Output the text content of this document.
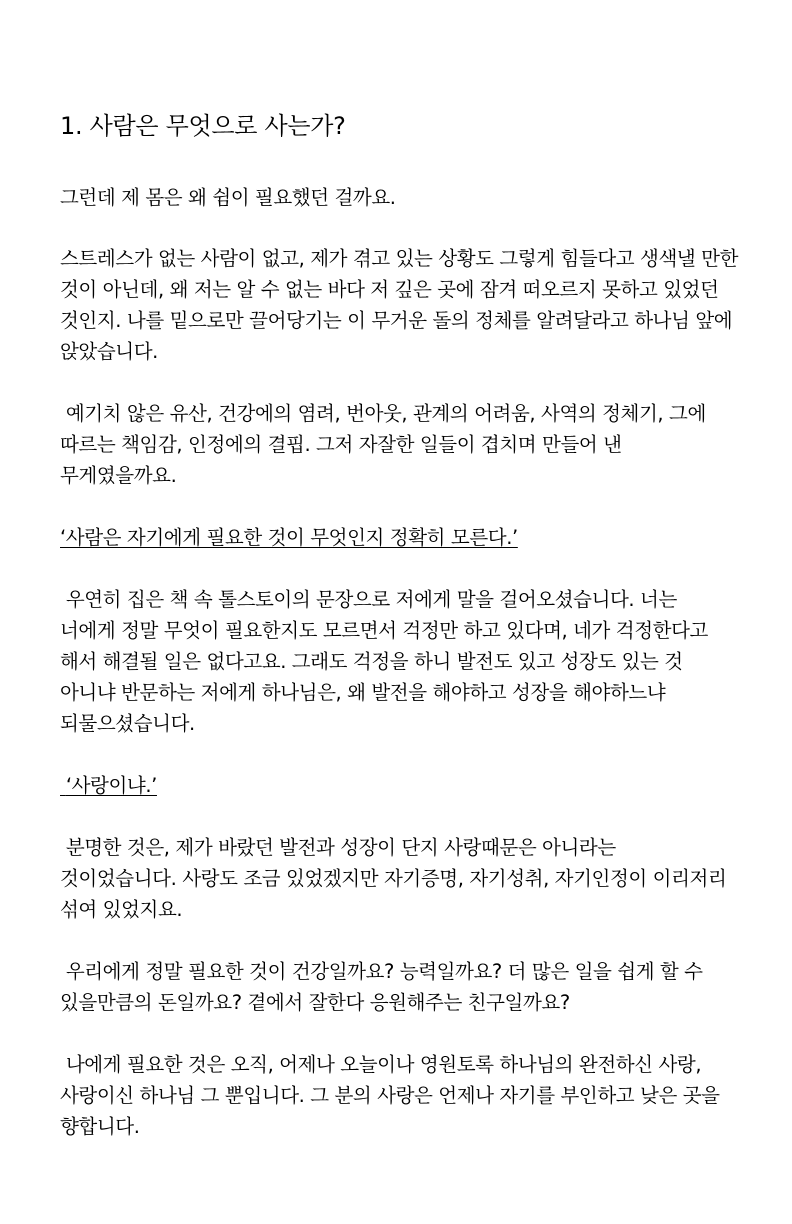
1. 사람은 무엇으로 사는가?

그런데 제 몸은 왜 쉼이 필요했던 걸까요.

스트레스가 없는 사람이 없고, 제가 겪고 있는 상황도 그렇게 힘들다고 생색낼 만한 것이 아닌데, 왜 저는 알 수 없는 바다 저 깊은 곳에 잠겨 떠오르지 못하고 있었던 것인지. 나를 밑으로만 끌어당기는 이 무거운 돌의 정체를 알려달라고 하나님 앞에 앉았습니다.

예기치 않은 유산, 건강에의 염려, 번아웃, 관계의 어려움, 사역의 정체기, 그에 따르는 책임감, 인정에의 결핍. 그저 자잘한 일들이 겹치며 만들어 낸 무게였을까요.

‘사람은 자기에게 필요한 것이 무엇인지 정확히 모른다.’

우연히 집은 책 속 톨스토이의 문장으로 저에게 말을 걸어오셨습니다. 너는 너에게 정말 무엇이 필요한지도 모르면서 걱정만 하고 있다며, 네가 걱정한다고 해서 해결될 일은 없다고요. 그래도 걱정을 하니 발전도 있고 성장도 있는 것 아니냐 반문하는 저에게 하나님은, 왜 발전을 해야하고 성장을 해야하느냐 되물으셨습니다.

‘사랑이냐.’

분명한 것은, 제가 바랐던 발전과 성장이 단지 사랑때문은 아니라는 것이었습니다. 사랑도 조금 있었겠지만 자기증명, 자기성취, 자기인정이 이리저리 섞여 있었지요.

우리에게 정말 필요한 것이 건강일까요? 능력일까요? 더 많은 일을 쉽게 할 수 있을만큼의 돈일까요? 곁에서 잘한다 응원해주는 친구일까요?

나에게 필요한 것은 오직, 어제나 오늘이나 영원토록 하나님의 완전하신 사랑, 사랑이신 하나님 그 뿐입니다. 그 분의 사랑은 언제나 자기를 부인하고 낮은 곳을 향합니다.
